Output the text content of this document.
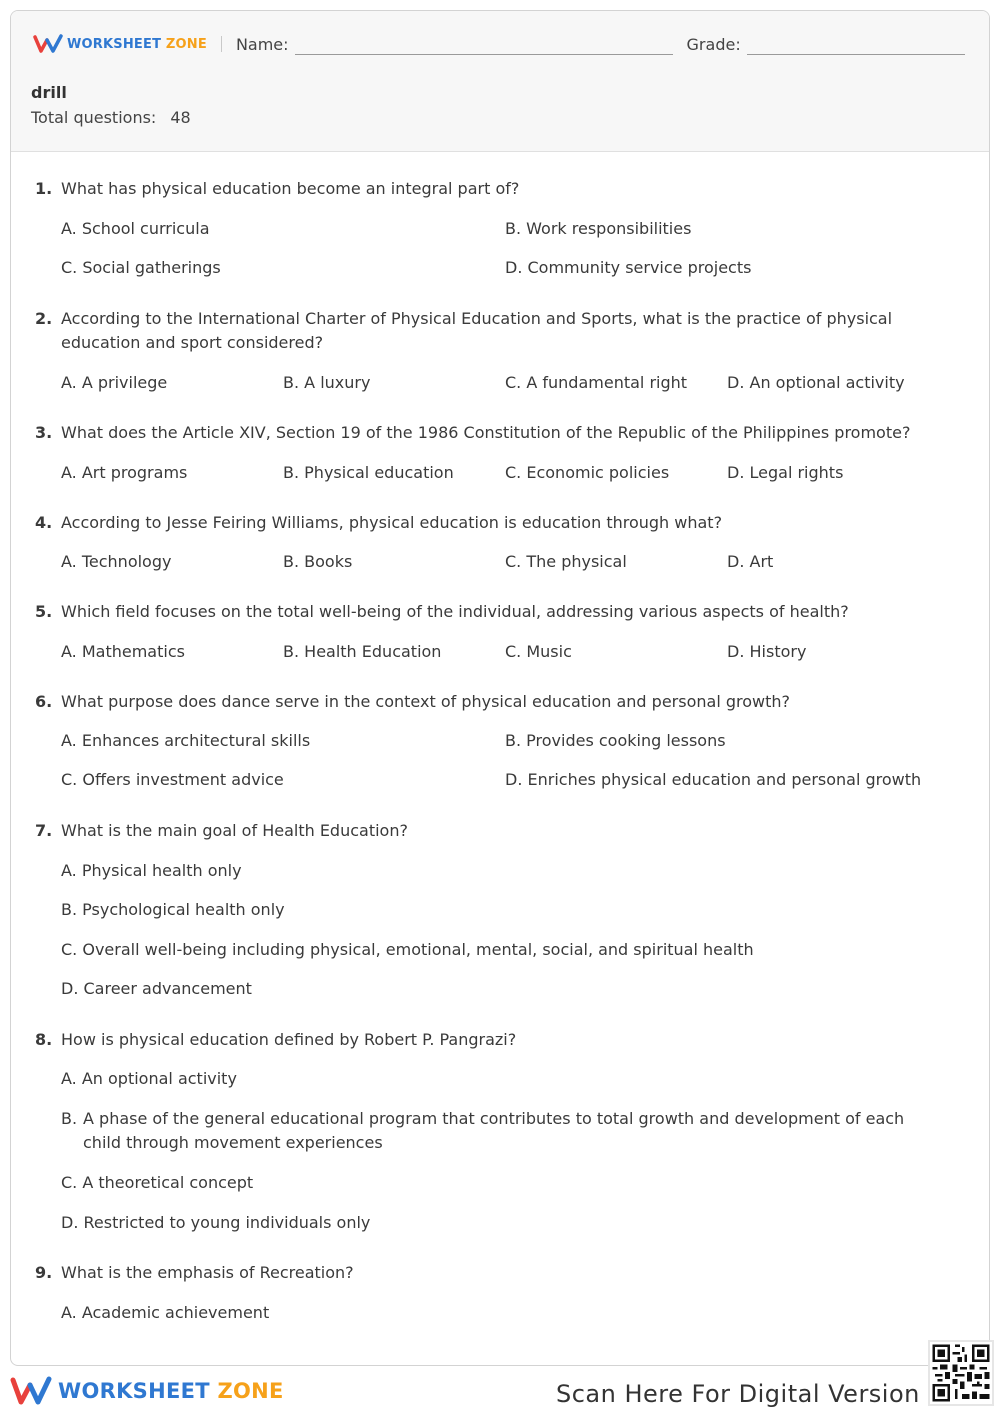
WORKSHEET ZONE Name:	Grade:
drill
Total questions: 48
1. What has physical education become an integral part of?
A. School curricula	B. Work responsibilities
C. Social gatherings	D. Community service projects
2. According to the International Charter of Physical Education and Sports, what is the practice of physical education and sport considered?
A. A privilege	B. A luxury	C. A fundamental right D. An optional activity
3. What does the Article XIV, Section 19 of the 1986 Constitution of the Republic of the Philippines promote?
A. Art programs	B. Physical education	C. Economic policies	D. Legal rights
4. According to Jesse Feiring Williams, physical education is education through what?
A. Technology	B. Books	C. The physical	D. Art
5. Which field focuses on the total well-being of the individual, addressing various aspects of health?
A. Mathematics	B. Health Education	C. Music	D. History
6. What purpose does dance serve in the context of physical education and personal growth?
A. Enhances architectural skills	B. Provides cooking lessons
C. Offers investment advice	D. Enriches physical education and personal growth
7. What is the main goal of Health Education?
A. Physical health only
B. Psychological health only
C. Overall well-being including physical, emotional, mental, social, and spiritual health
D. Career advancement
8. How is physical education defined by Robert P. Pangrazi?
A. An optional activity
B. A phase of the general educational program that contributes to total growth and development of each child through movement experiences
C. A theoretical concept
D. Restricted to young individuals only
9. What is the emphasis of Recreation?
A. Academic achievement
WORKSHEET ZONE	Scan Here For Digital Version
